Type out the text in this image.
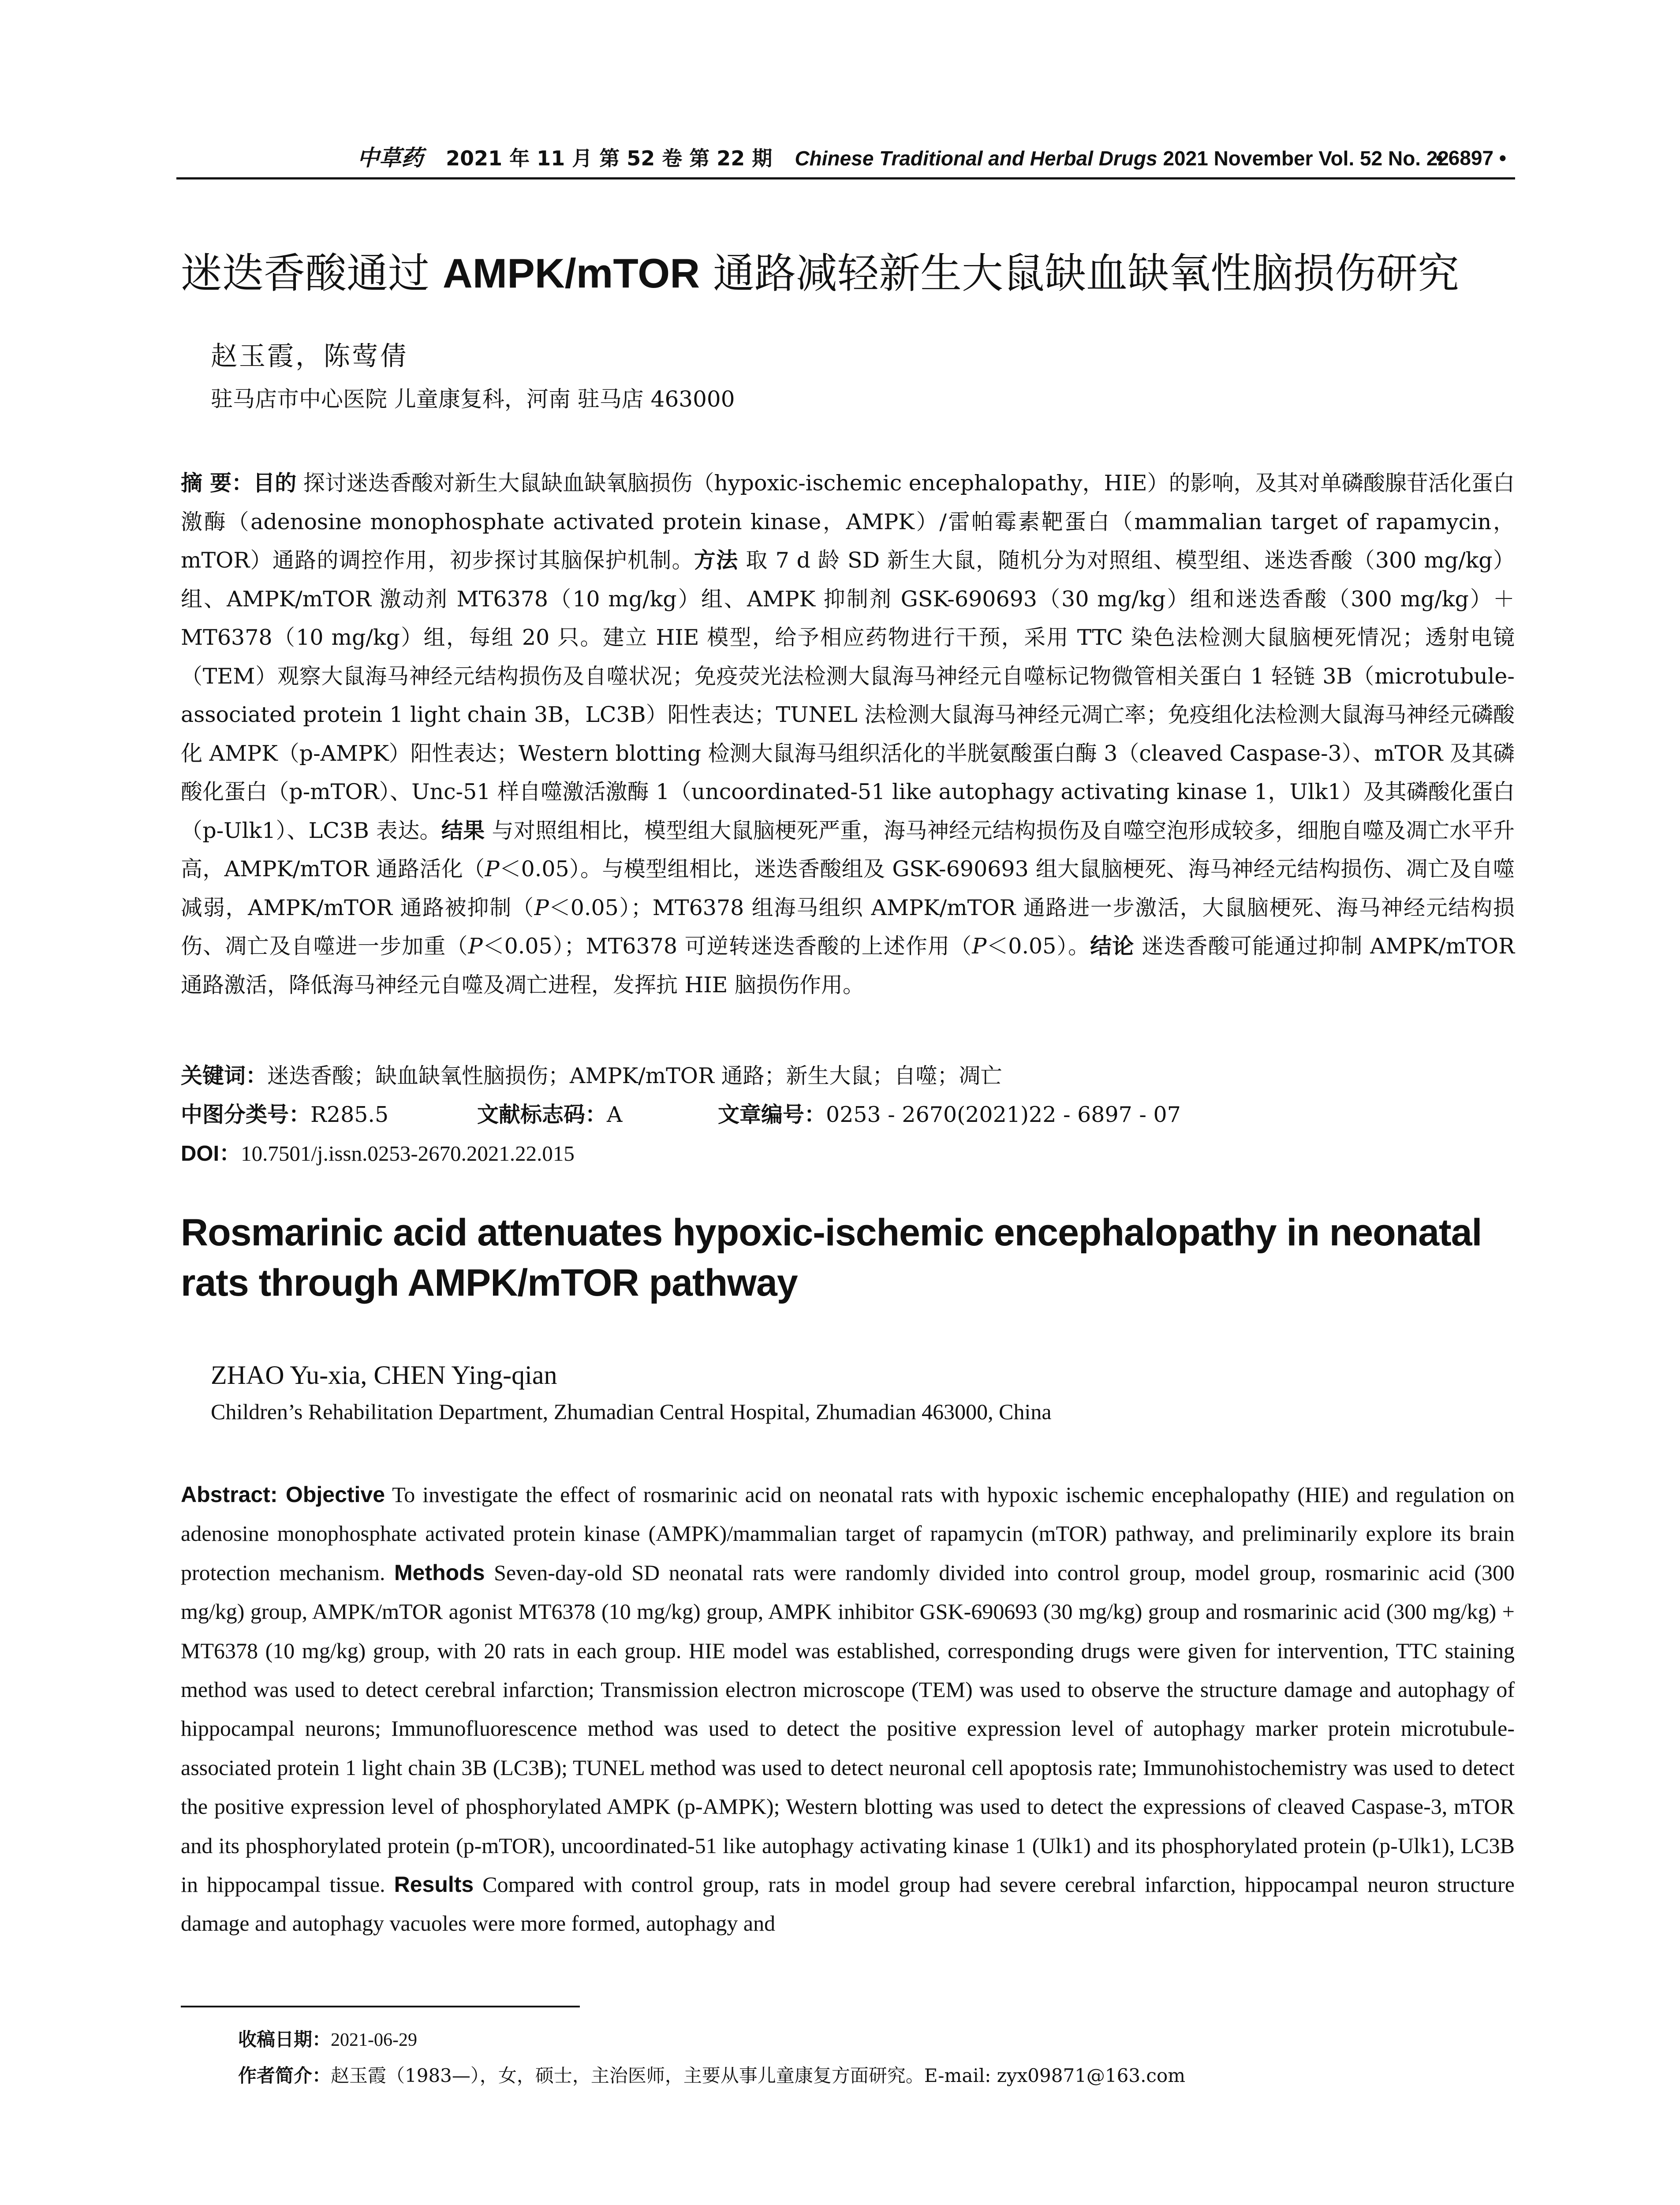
中草药 2021 年 11 月 第 52 卷 第 22 期 Chinese Traditional and Herbal Drugs 2021 November Vol. 52 No. 22
• 6897 •
迷迭香酸通过 AMPK/mTOR 通路减轻新生大鼠缺血缺氧性脑损伤研究
赵玉霞，陈莺倩
驻马店市中心医院 儿童康复科，河南 驻马店 463000
摘 要：目的 探讨迷迭香酸对新生大鼠缺血缺氧脑损伤（hypoxic-ischemic encephalopathy，HIE）的影响，及其对单磷酸腺苷活化蛋白激酶（adenosine monophosphate activated protein kinase，AMPK）/雷帕霉素靶蛋白（mammalian target of rapamycin，mTOR）通路的调控作用，初步探讨其脑保护机制。方法 取 7 d 龄 SD 新生大鼠，随机分为对照组、模型组、迷迭香酸（300 mg/kg）组、AMPK/mTOR 激动剂 MT6378（10 mg/kg）组、AMPK 抑制剂 GSK-690693（30 mg/kg）组和迷迭香酸（300 mg/kg）＋MT6378（10 mg/kg）组，每组 20 只。建立 HIE 模型，给予相应药物进行干预，采用 TTC 染色法检测大鼠脑梗死情况；透射电镜（TEM）观察大鼠海马神经元结构损伤及自噬状况；免疫荧光法检测大鼠海马神经元自噬标记物微管相关蛋白 1 轻链 3B（microtubule-associated protein 1 light chain 3B，LC3B）阳性表达；TUNEL 法检测大鼠海马神经元凋亡率；免疫组化法检测大鼠海马神经元磷酸化 AMPK（p-AMPK）阳性表达；Western blotting 检测大鼠海马组织活化的半胱氨酸蛋白酶 3（cleaved Caspase-3）、mTOR 及其磷酸化蛋白（p-mTOR）、Unc-51 样自噬激活激酶 1（uncoordinated-51 like autophagy activating kinase 1，Ulk1）及其磷酸化蛋白（p-Ulk1）、LC3B 表达。结果 与对照组相比，模型组大鼠脑梗死严重，海马神经元结构损伤及自噬空泡形成较多，细胞自噬及凋亡水平升高，AMPK/mTOR 通路活化（P＜0.05）。与模型组相比，迷迭香酸组及 GSK-690693 组大鼠脑梗死、海马神经元结构损伤、凋亡及自噬减弱，AMPK/mTOR 通路被抑制（P＜0.05）；MT6378 组海马组织 AMPK/mTOR 通路进一步激活，大鼠脑梗死、海马神经元结构损伤、凋亡及自噬进一步加重（P＜0.05）；MT6378 可逆转迷迭香酸的上述作用（P＜0.05）。结论 迷迭香酸可能通过抑制 AMPK/mTOR 通路激活，降低海马神经元自噬及凋亡进程，发挥抗 HIE 脑损伤作用。
关键词：迷迭香酸；缺血缺氧性脑损伤；AMPK/mTOR 通路；新生大鼠；自噬；凋亡
中图分类号：R285.5	文献标志码：A	文章编号：0253 - 2670(2021)22 - 6897 - 07
DOI：10.7501/j.issn.0253-2670.2021.22.015
Rosmarinic acid attenuates hypoxic-ischemic encephalopathy in neonatal rats through AMPK/mTOR pathway
ZHAO Yu-xia, CHEN Ying-qian
Children’s Rehabilitation Department, Zhumadian Central Hospital, Zhumadian 463000, China
Abstract: Objective To investigate the effect of rosmarinic acid on neonatal rats with hypoxic ischemic encephalopathy (HIE) and regulation on adenosine monophosphate activated protein kinase (AMPK)/mammalian target of rapamycin (mTOR) pathway, and preliminarily explore its brain protection mechanism. Methods Seven-day-old SD neonatal rats were randomly divided into control group, model group, rosmarinic acid (300 mg/kg) group, AMPK/mTOR agonist MT6378 (10 mg/kg) group, AMPK inhibitor GSK-690693 (30 mg/kg) group and rosmarinic acid (300 mg/kg) + MT6378 (10 mg/kg) group, with 20 rats in each group. HIE model was established, corresponding drugs were given for intervention, TTC staining method was used to detect cerebral infarction; Transmission electron microscope (TEM) was used to observe the structure damage and autophagy of hippocampal neurons; Immunofluorescence method was used to detect the positive expression level of autophagy marker protein microtubule-associated protein 1 light chain 3B (LC3B); TUNEL method was used to detect neuronal cell apoptosis rate; Immunohistochemistry was used to detect the positive expression level of phosphorylated AMPK (p-AMPK); Western blotting was used to detect the expressions of cleaved Caspase-3, mTOR and its phosphorylated protein (p-mTOR), uncoordinated-51 like autophagy activating kinase 1 (Ulk1) and its phosphorylated protein (p-Ulk1), LC3B in hippocampal tissue. Results Compared with control group, rats in model group had severe cerebral infarction, hippocampal neuron structure damage and autophagy vacuoles were more formed, autophagy and
收稿日期：2021-06-29
作者简介：赵玉霞（1983—），女，硕士，主治医师，主要从事儿童康复方面研究。E-mail: zyx09871@163.com
